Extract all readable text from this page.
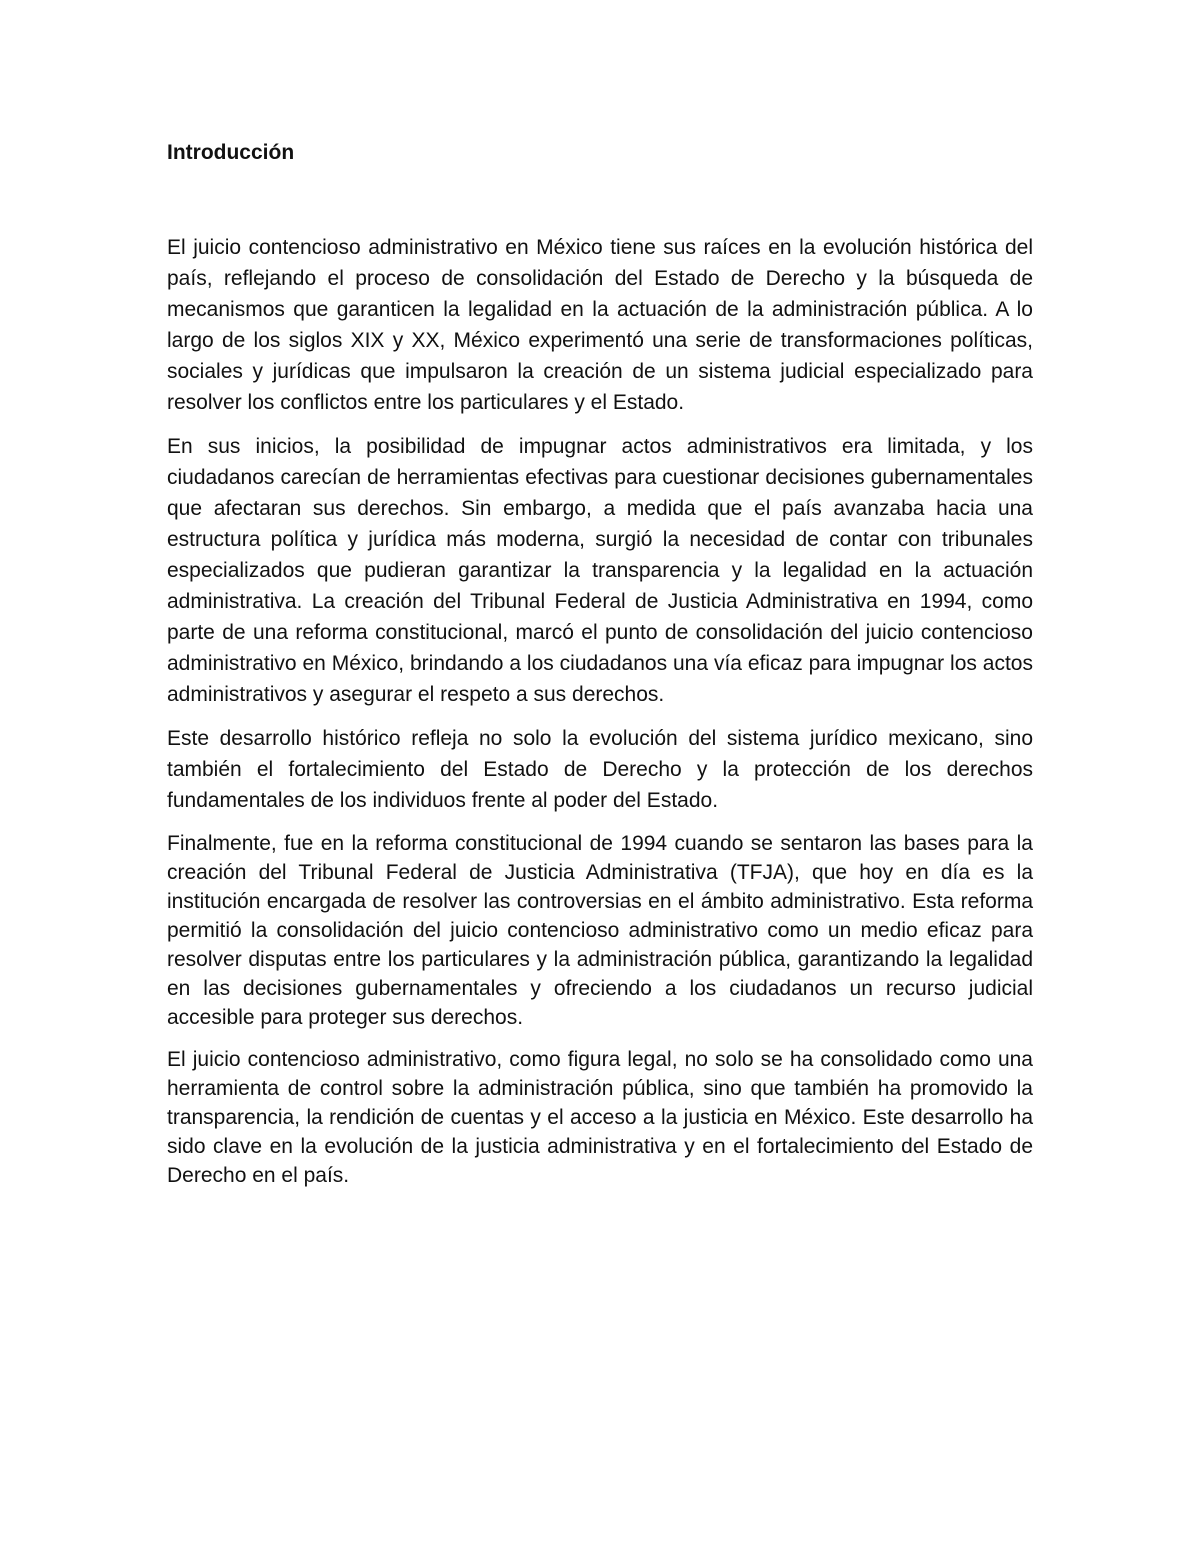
Introducción

El juicio contencioso administrativo en México tiene sus raíces en la evolución histórica del país, reflejando el proceso de consolidación del Estado de Derecho y la búsqueda de mecanismos que garanticen la legalidad en la actuación de la administración pública. A lo largo de los siglos XIX y XX, México experimentó una serie de transformaciones políticas, sociales y jurídicas que impulsaron la creación de un sistema judicial especializado para resolver los conflictos entre los particulares y el Estado.

En sus inicios, la posibilidad de impugnar actos administrativos era limitada, y los ciudadanos carecían de herramientas efectivas para cuestionar decisiones gubernamentales que afectaran sus derechos. Sin embargo, a medida que el país avanzaba hacia una estructura política y jurídica más moderna, surgió la necesidad de contar con tribunales especializados que pudieran garantizar la transparencia y la legalidad en la actuación administrativa. La creación del Tribunal Federal de Justicia Administrativa en 1994, como parte de una reforma constitucional, marcó el punto de consolidación del juicio contencioso administrativo en México, brindando a los ciudadanos una vía eficaz para impugnar los actos administrativos y asegurar el respeto a sus derechos.

Este desarrollo histórico refleja no solo la evolución del sistema jurídico mexicano, sino también el fortalecimiento del Estado de Derecho y la protección de los derechos fundamentales de los individuos frente al poder del Estado.

Finalmente, fue en la reforma constitucional de 1994 cuando se sentaron las bases para la creación del Tribunal Federal de Justicia Administrativa (TFJA), que hoy en día es la institución encargada de resolver las controversias en el ámbito administrativo. Esta reforma permitió la consolidación del juicio contencioso administrativo como un medio eficaz para resolver disputas entre los particulares y la administración pública, garantizando la legalidad en las decisiones gubernamentales y ofreciendo a los ciudadanos un recurso judicial accesible para proteger sus derechos.

El juicio contencioso administrativo, como figura legal, no solo se ha consolidado como una herramienta de control sobre la administración pública, sino que también ha promovido la transparencia, la rendición de cuentas y el acceso a la justicia en México. Este desarrollo ha sido clave en la evolución de la justicia administrativa y en el fortalecimiento del Estado de Derecho en el país.
